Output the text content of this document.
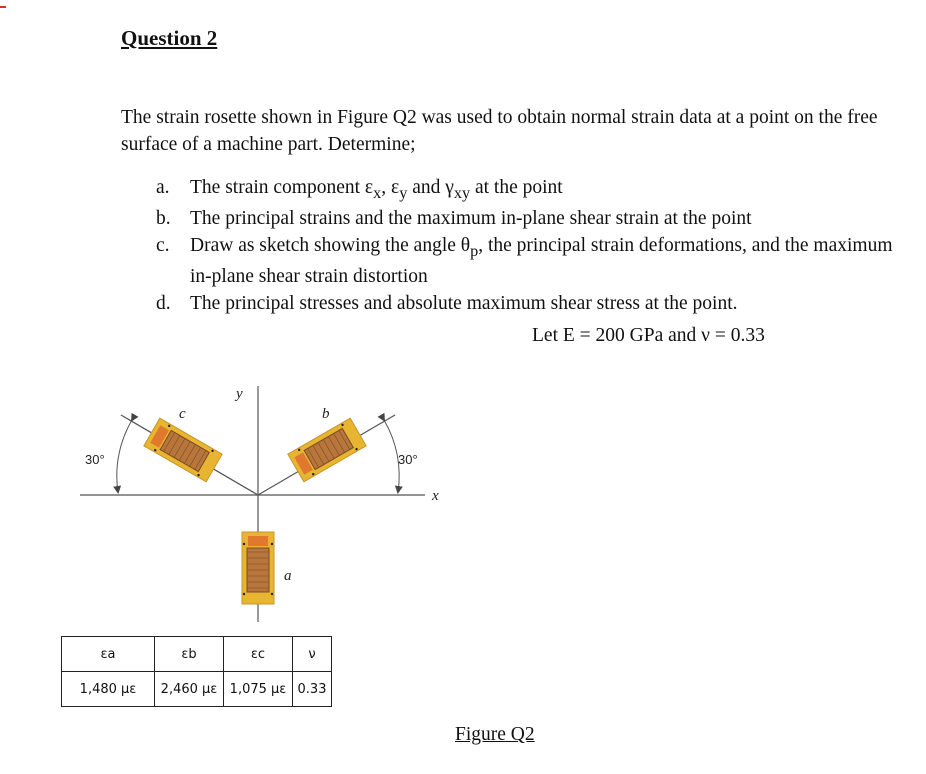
Question 2
The strain rosette shown in Figure Q2 was used to obtain normal strain data at a point on the free surface of a machine part. Determine;
a.	The strain component $\varepsilon_x$, $\varepsilon_y$ and $\gamma_{xy}$ at the point
b. The principal strains and the maximum in-plane shear strain at the point
c.	Draw as sketch showing the angle $\theta_p$, the principal strain deformations, and the maximum in-plane shear strain distortion
d. The principal stresses and absolute maximum shear stress at the point.
Let E = 200 GPa and ν = 0.33
y
x
b
c
a
30°	30°
εa	εb	εc	ν
1,480 με	2,460 με	1,075 με	0.33
Figure Q2
